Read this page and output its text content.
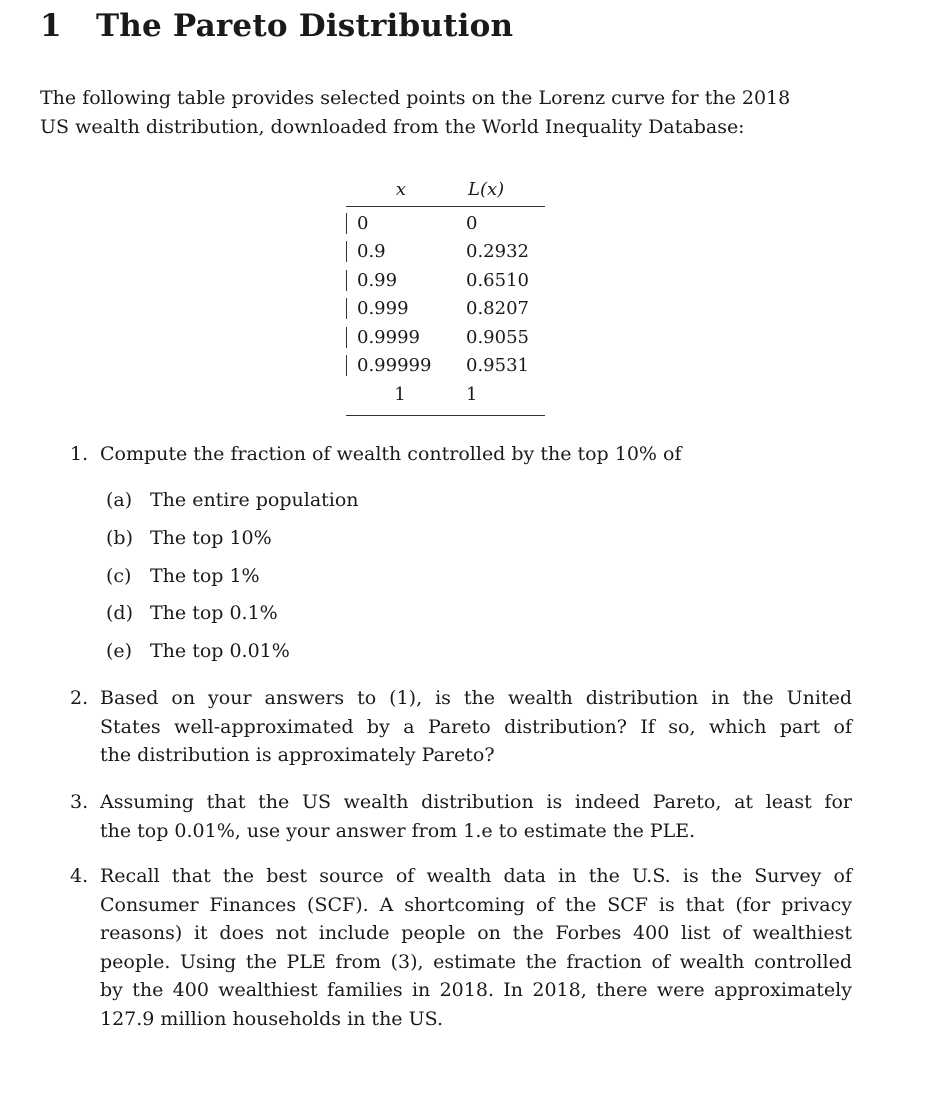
1 The Pareto Distribution
The following table provides selected points on the Lorenz curve for the 2018
US wealth distribution, downloaded from the World Inequality Database:
x	L(x)
0	0
0.9	0.2932
0.99	0.6510
0.999	0.8207
0.9999	0.9055
0.99999	0.9531
1	1
1. Compute the fraction of wealth controlled by the top 10% of
(a) The entire population
(b) The top 10%
(c) The top 1%
(d) The top 0.1%
(e) The top 0.01%
2. Based on your answers to (1), is the wealth distribution in the United
States well-approximated by a Pareto distribution? If so, which part of
the distribution is approximately Pareto?
3. Assuming that the US wealth distribution is indeed Pareto, at least for
the top 0.01%, use your answer from 1.e to estimate the PLE.
4. Recall that the best source of wealth data in the U.S. is the Survey of
Consumer Finances (SCF). A shortcoming of the SCF is that (for privacy
reasons) it does not include people on the Forbes 400 list of wealthiest
people. Using the PLE from (3), estimate the fraction of wealth controlled
by the 400 wealthiest families in 2018. In 2018, there were approximately
127.9 million households in the US.
